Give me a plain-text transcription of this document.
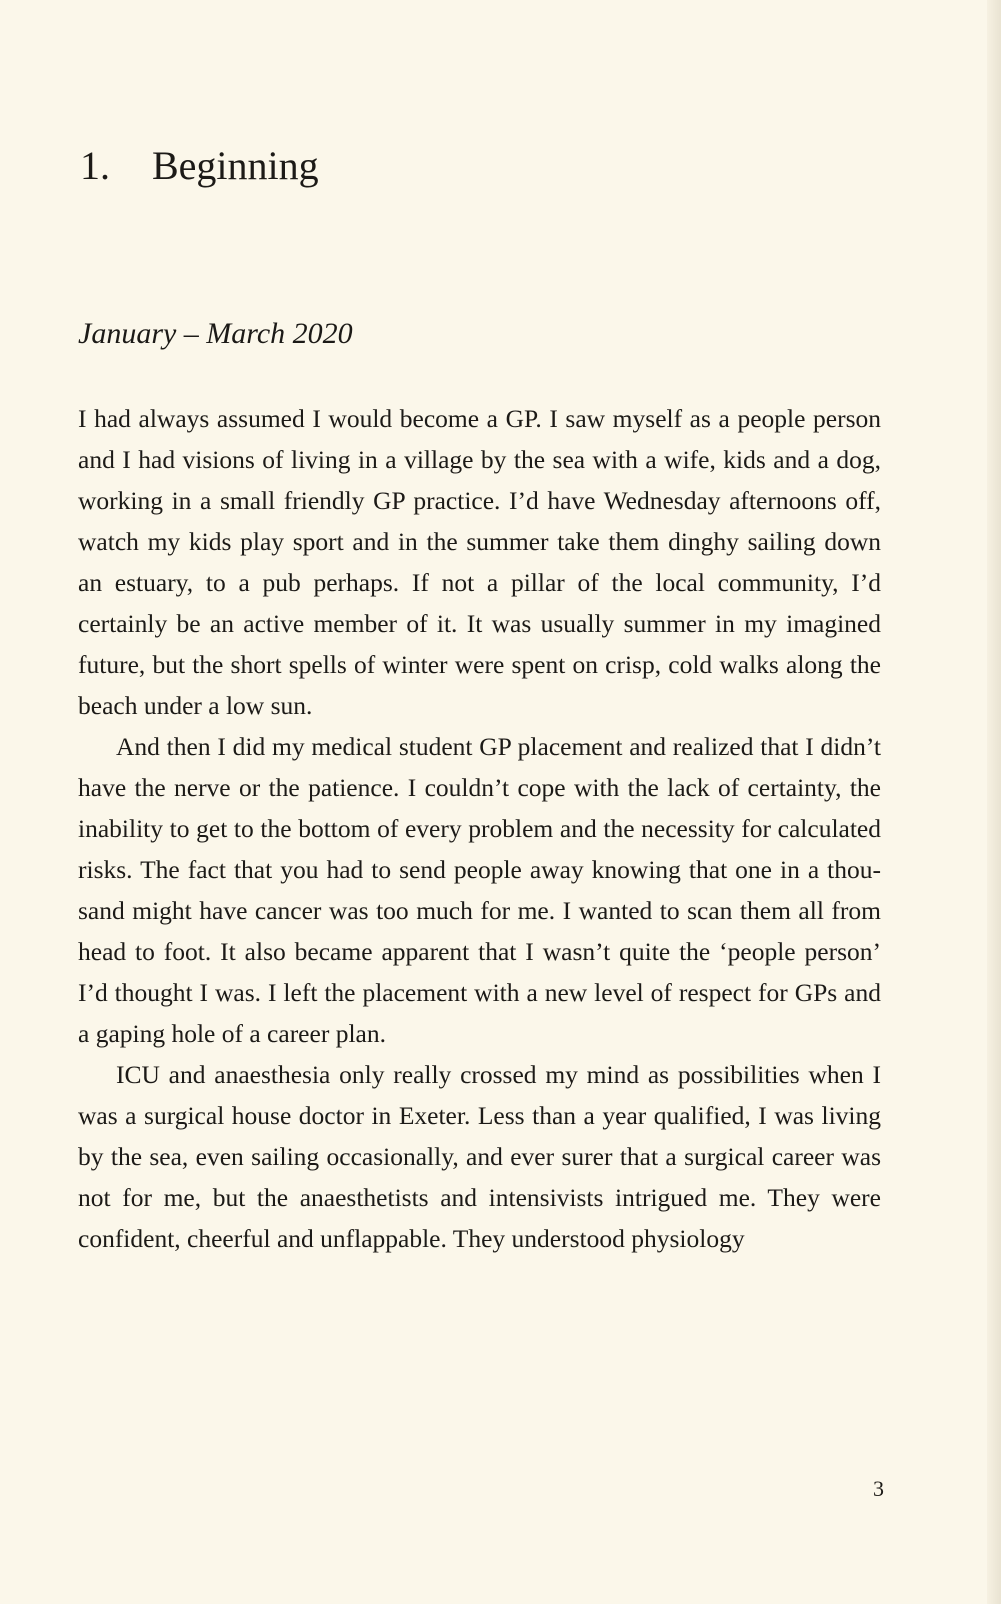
1. Beginning
January – March 2020

I had always assumed I would become a GP. I saw myself as a people person and I had visions of living in a village by the sea with a wife, kids and a dog, working in a small friendly GP practice. I’d have Wednesday afternoons off, watch my kids play sport and in the summer take them dinghy sailing down an estuary, to a pub perhaps. If not a pillar of the local community, I’d certainly be an active member of it. It was usually summer in my imagined future, but the short spells of winter were spent on crisp, cold walks along the beach under a low sun.

And then I did my medical student GP placement and realized that I didn’t have the nerve or the patience. I couldn’t cope with the lack of certainty, the inability to get to the bottom of every problem and the necessity for calculated risks. The fact that you had to send people away knowing that one in a thousand might have cancer was too much for me. I wanted to scan them all from head to foot. It also became apparent that I wasn’t quite the ‘people person’ I’d thought I was. I left the placement with a new level of respect for GPs and a gaping hole of a career plan.

ICU and anaesthesia only really crossed my mind as possibilities when I was a surgical house doctor in Exeter. Less than a year qualified, I was living by the sea, even sailing occasionally, and ever surer that a surgical career was not for me, but the anaesthetists and intensivists intrigued me. They were confident, cheerful and unflappable. They understood physiology

3
